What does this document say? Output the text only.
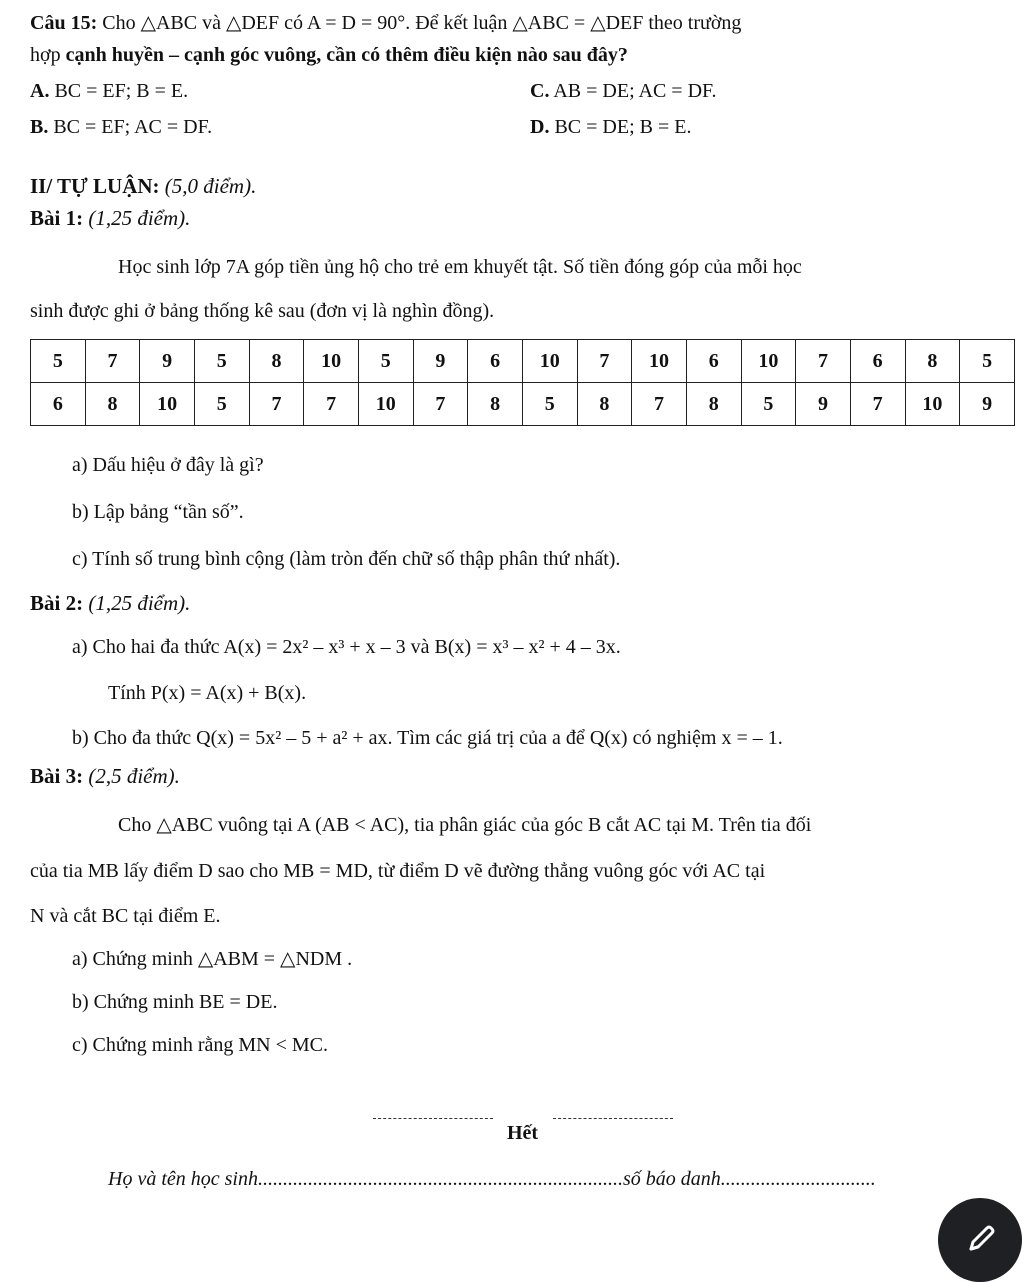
Câu 15: Cho △ABC và △DEF có A = D = 90°. Để kết luận △ABC = △DEF theo trường
hợp cạnh huyền – cạnh góc vuông, cần có thêm điều kiện nào sau đây?
A. BC = EF; B = E.	C. AB = DE; AC = DF.
B. BC = EF; AC = DF.	D. BC = DE; B = E.
II/ TỰ LUẬN: (5,0 điểm).
Bài 1: (1,25 điểm).
Học sinh lớp 7A góp tiền ủng hộ cho trẻ em khuyết tật. Số tiền đóng góp của mỗi học
sinh được ghi ở bảng thống kê sau (đơn vị là nghìn đồng).
5	7	9	5	8	10	5	9	6	10	7	10	6	10	7	6	8	5
6	8	10	5	7	7	10	7	8	5	8	7	8	5	9	7	10	9
a) Dấu hiệu ở đây là gì?
b) Lập bảng “tần số”.
c) Tính số trung bình cộng (làm tròn đến chữ số thập phân thứ nhất).
Bài 2: (1,25 điểm).
a) Cho hai đa thức A(x) = 2x² – x³ + x – 3 và B(x) = x³ – x² + 4 – 3x.
Tính P(x) = A(x) + B(x).
b) Cho đa thức Q(x) = 5x² – 5 + a² + ax. Tìm các giá trị của a để Q(x) có nghiệm x = – 1.
Bài 3: (2,5 điểm).
Cho △ABC vuông tại A (AB < AC), tia phân giác của góc B cắt AC tại M. Trên tia đối
của tia MB lấy điểm D sao cho MB = MD, từ điểm D vẽ đường thẳng vuông góc với AC tại
N và cắt BC tại điểm E.
a) Chứng minh △ABM = △NDM .
b) Chứng minh BE = DE.
c) Chứng minh rằng MN < MC.
Hết
Họ và tên học sinh.........................................................................số báo danh...............................
